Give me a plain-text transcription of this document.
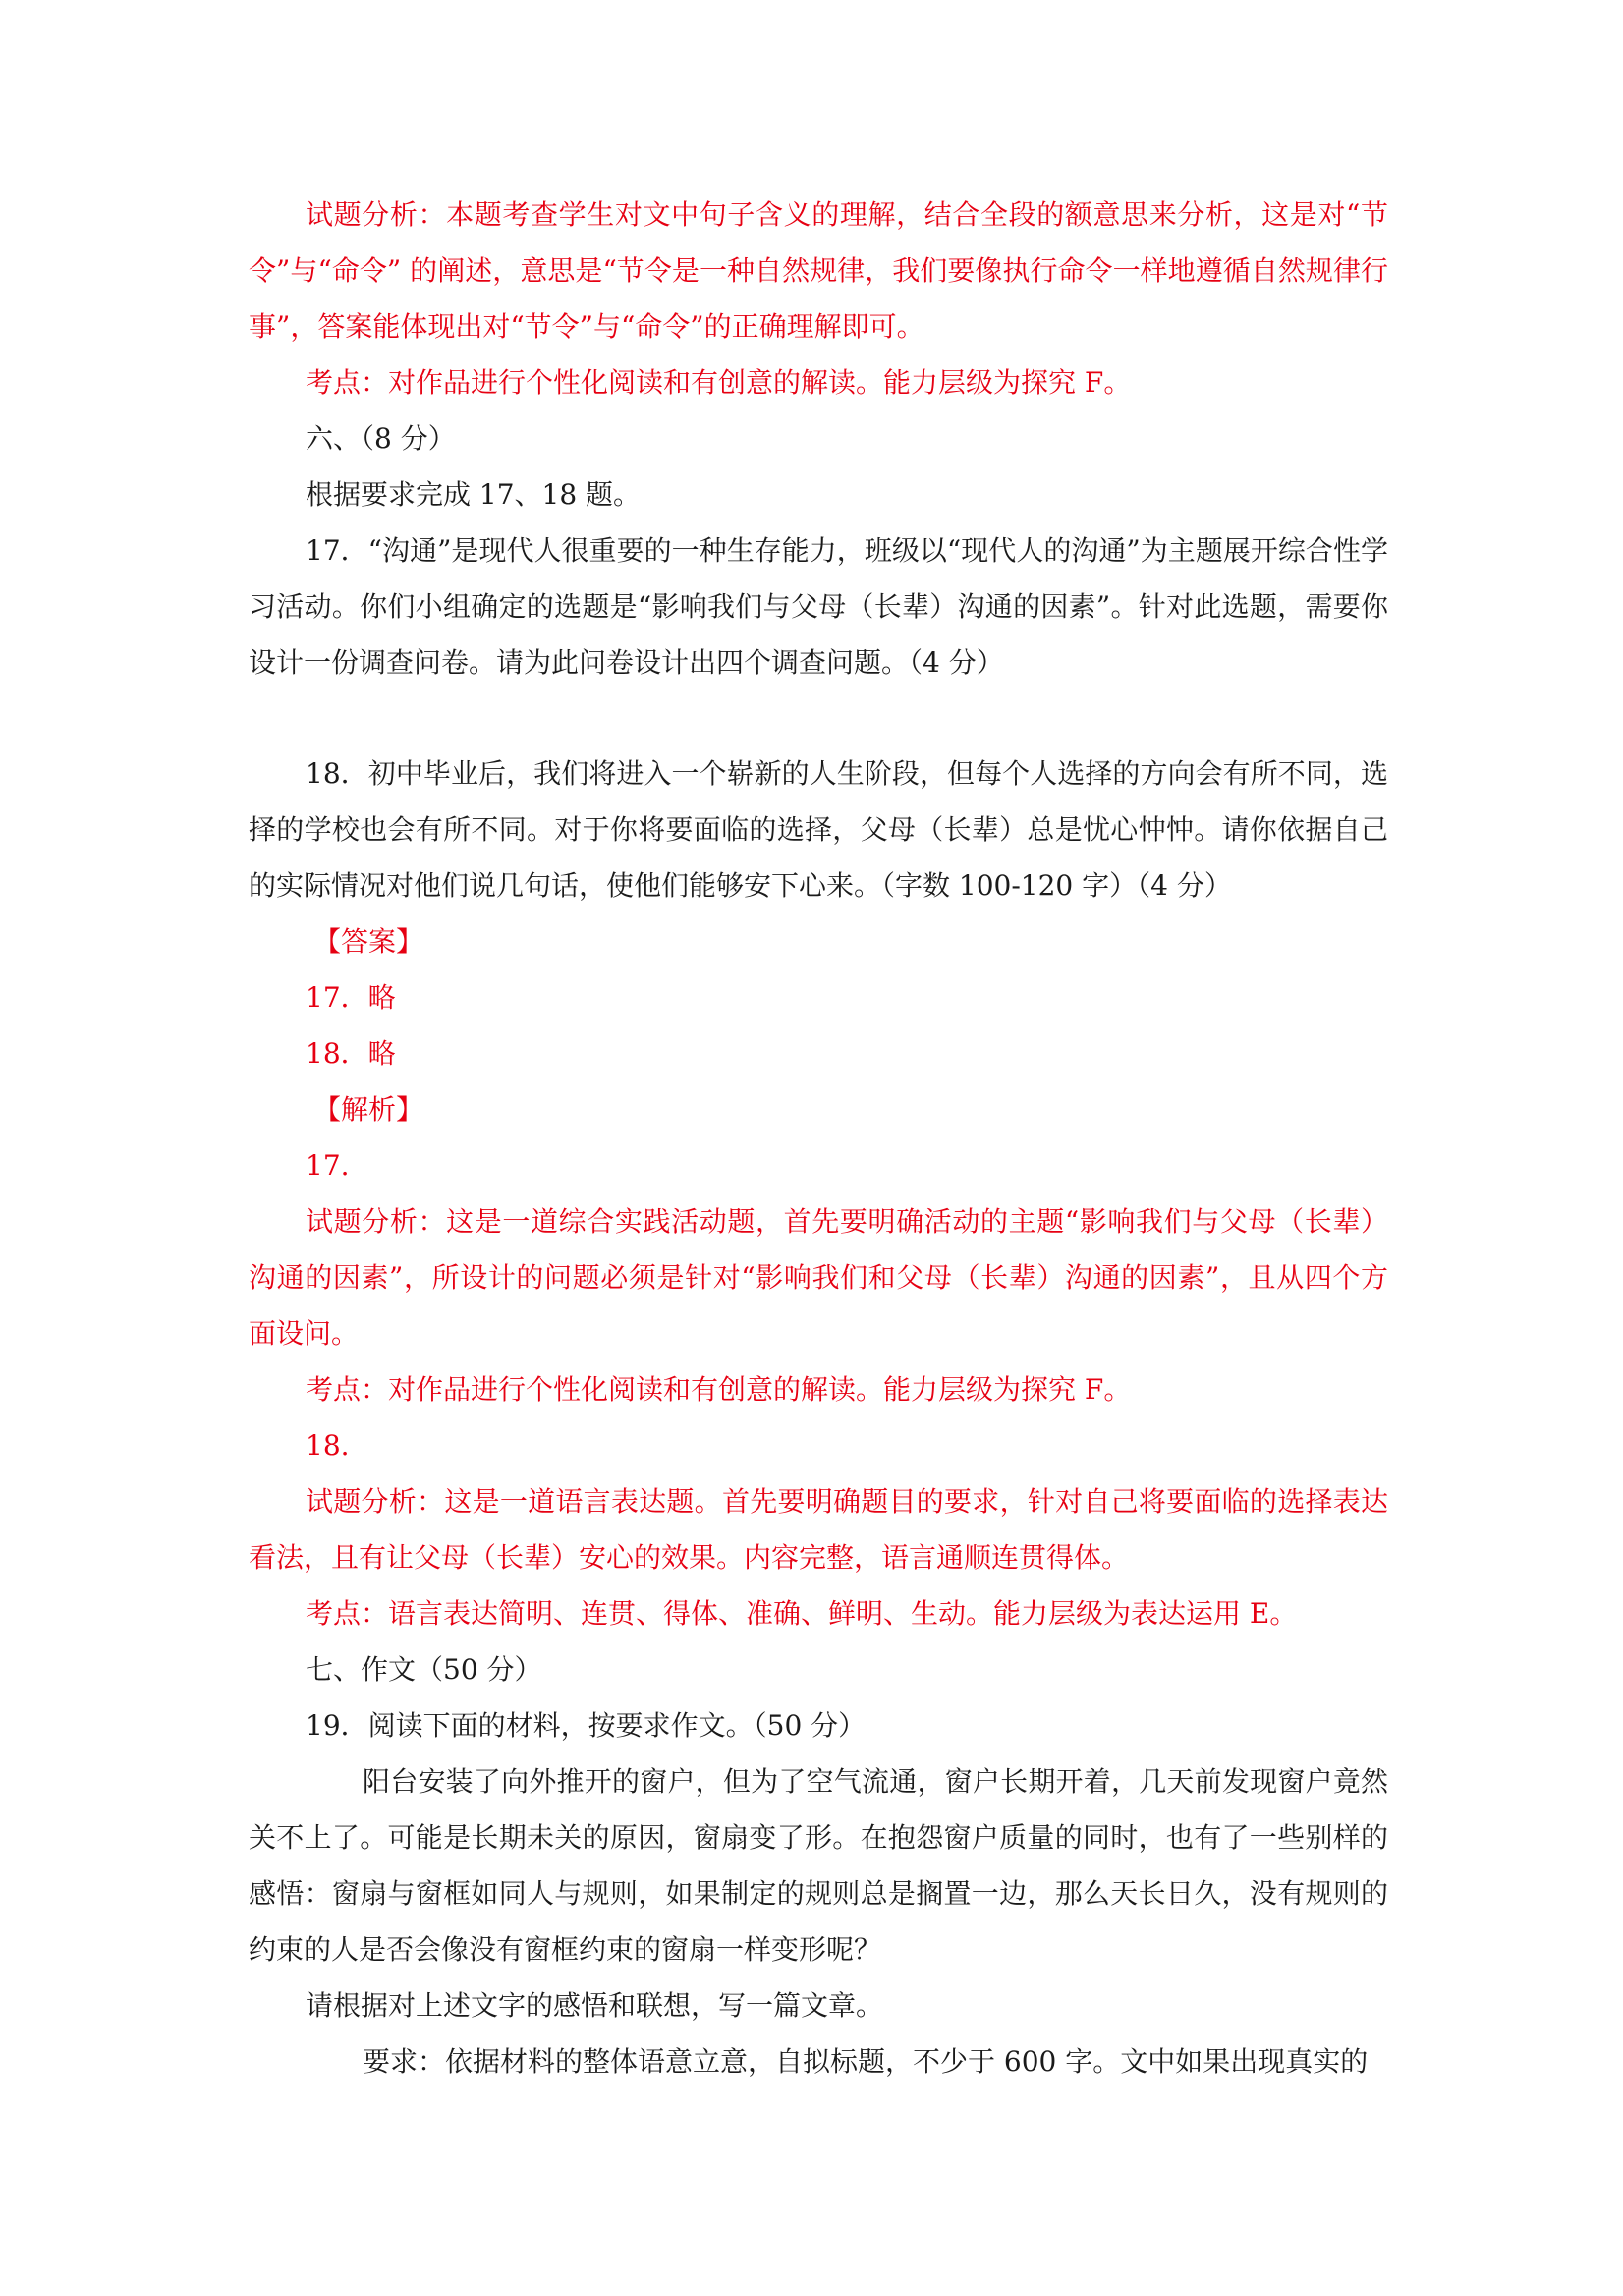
试题分析：本题考查学生对文中句子含义的理解，结合全段的额意思来分析，这是对“节令”与“命令” 的阐述，意思是“节令是一种自然规律，我们要像执行命令一样地遵循自然规律行事”，答案能体现出对“节令”与“命令”的正确理解即可。

考点：对作品进行个性化阅读和有创意的解读。能力层级为探究 F。

六、（8 分）

根据要求完成 17、18 题。

17．“沟通”是现代人很重要的一种生存能力，班级以“现代人的沟通”为主题展开综合性学习活动。你们小组确定的选题是“影响我们与父母（长辈）沟通的因素”。针对此选题，需要你设计一份调查问卷。请为此问卷设计出四个调查问题。（4 分）

18．初中毕业后，我们将进入一个崭新的人生阶段，但每个人选择的方向会有所不同，选择的学校也会有所不同。对于你将要面临的选择，父母（长辈）总是忧心忡忡。请你依据自己的实际情况对他们说几句话，使他们能够安下心来。（字数 100-120 字）（4 分）

【答案】

17．略

18．略

【解析】

17.

试题分析：这是一道综合实践活动题，首先要明确活动的主题“影响我们与父母（长辈）沟通的因素”，所设计的问题必须是针对“影响我们和父母（长辈）沟通的因素”，且从四个方面设问。

考点：对作品进行个性化阅读和有创意的解读。能力层级为探究 F。

18.

试题分析：这是一道语言表达题。首先要明确题目的要求，针对自己将要面临的选择表达看法，且有让父母（长辈）安心的效果。内容完整，语言通顺连贯得体。

考点：语言表达简明、连贯、得体、准确、鲜明、生动。能力层级为表达运用 E。

七、作文（50 分）

19．阅读下面的材料，按要求作文。（50 分）

阳台安装了向外推开的窗户，但为了空气流通，窗户长期开着，几天前发现窗户竟然关不上了。可能是长期未关的原因，窗扇变了形。在抱怨窗户质量的同时，也有了一些别样的感悟：窗扇与窗框如同人与规则，如果制定的规则总是搁置一边，那么天长日久，没有规则的约束的人是否会像没有窗框约束的窗扇一样变形呢？

请根据对上述文字的感悟和联想，写一篇文章。

要求：依据材料的整体语意立意，自拟标题，不少于 600 字。文中如果出现真实的
